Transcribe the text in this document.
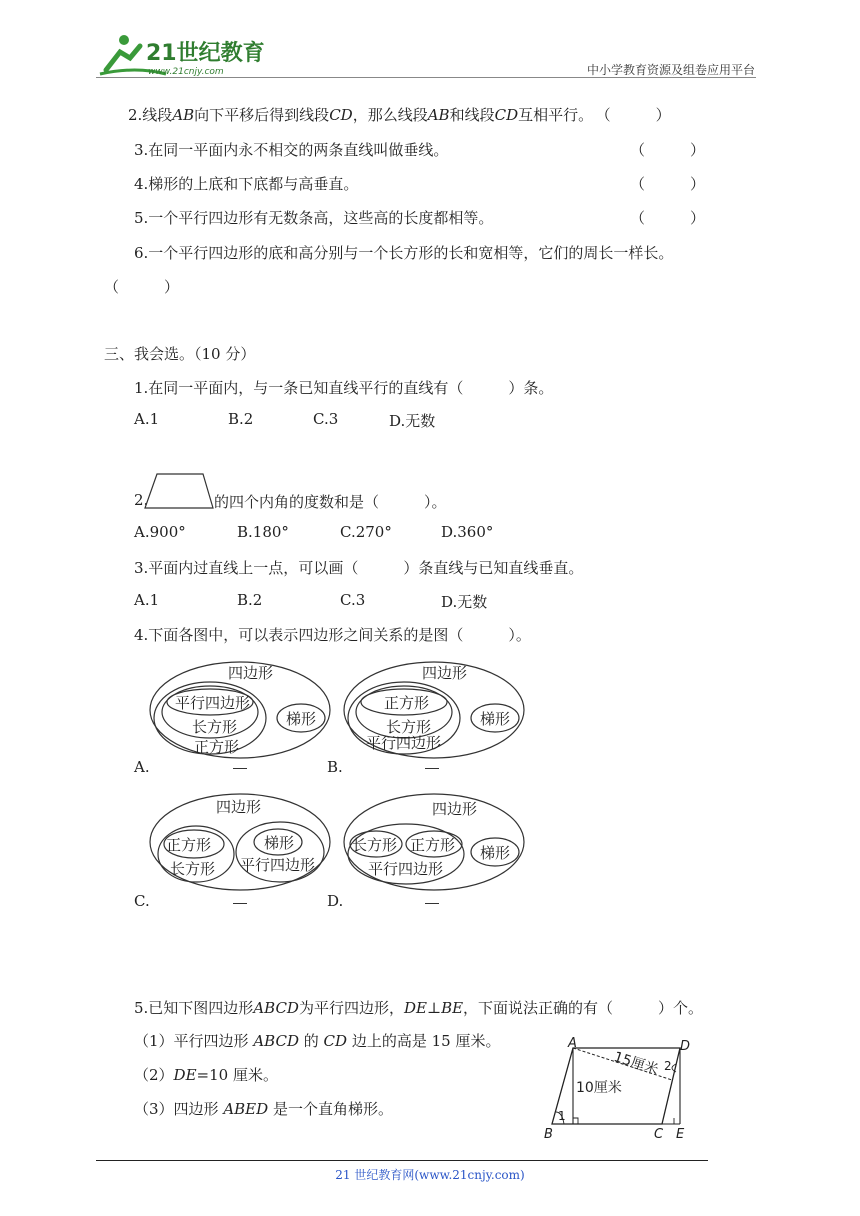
21世纪教育
www.21cnjy.com	中小学教育资源及组卷应用平台
2.线段AB向下平移后得到线段CD，那么线段AB和线段CD互相平行。 （　　　）
3.在同一平面内永不相交的两条直线叫做垂线。	（　　　）
4.梯形的上底和下底都与高垂直。	（　　　）
5.一个平行四边形有无数条高，这些高的长度都相等。	（　　　）
6.一个平行四边形的底和高分别与一个长方形的长和宽相等，它们的周长一样长。
（　　　）
三、我会选。（10 分）
1.在同一平面内，与一条已知直线平行的直线有（　　　）条。
A.1	B.2	C.3	D.无数
2.	的四个内角的度数和是（　　　）。
A.900°	B.180°	C.270°	D.360°
3.平面内过直线上一点，可以画（　　　）条直线与已知直线垂直。
A.1	B.2	C.3	D.无数
4.下面各图中，可以表示四边形之间关系的是图（　　　）。
四边形
平行四边形
长方形
正方形
梯形
A.
四边形
正方形
长方形
平行四边形
梯形
B.
四边形
正方形
长方形
梯形
平行四边形
C.
四边形
长方形 正方形
平行四边形
梯形
D.
5.已知下图四边形ABCD为平行四边形，DE⊥BE，下面说法正确的有（　　　）个。
（1）平行四边形 ABCD 的 CD 边上的高是 15 厘米。
（2）DE=10 厘米。
（3）四边形 ABED 是一个直角梯形。
A	D
B	C E
15厘米
10厘米
1
2
21 世纪教育网(www.21cnjy.com)
